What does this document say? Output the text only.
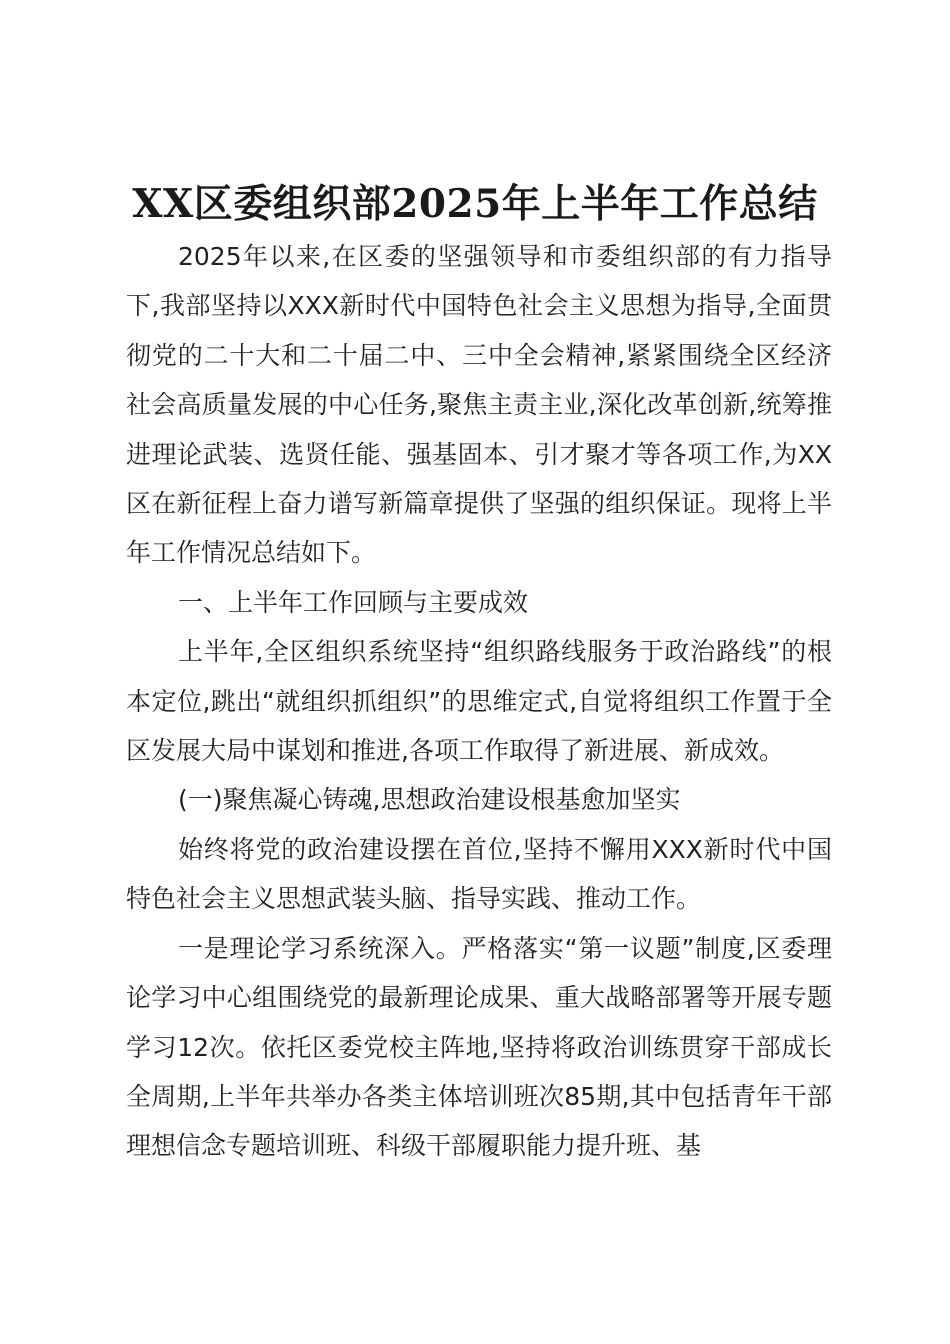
XX区委组织部2025年上半年工作总结

2025年以来,在区委的坚强领导和市委组织部的有力指导下,我部坚持以XXX新时代中国特色社会主义思想为指导,全面贯彻党的二十大和二十届二中、三中全会精神,紧紧围绕全区经济社会高质量发展的中心任务,聚焦主责主业,深化改革创新,统筹推进理论武装、选贤任能、强基固本、引才聚才等各项工作,为XX区在新征程上奋力谱写新篇章提供了坚强的组织保证。现将上半年工作情况总结如下。

一、上半年工作回顾与主要成效

上半年,全区组织系统坚持“组织路线服务于政治路线”的根本定位,跳出“就组织抓组织”的思维定式,自觉将组织工作置于全区发展大局中谋划和推进,各项工作取得了新进展、新成效。

(一)聚焦凝心铸魂,思想政治建设根基愈加坚实

始终将党的政治建设摆在首位,坚持不懈用XXX新时代中国特色社会主义思想武装头脑、指导实践、推动工作。

一是理论学习系统深入。严格落实“第一议题”制度,区委理论学习中心组围绕党的最新理论成果、重大战略部署等开展专题学习12次。依托区委党校主阵地,坚持将政治训练贯穿干部成长全周期,上半年共举办各类主体培训班次85期,其中包括青年干部理想信念专题培训班、科级干部履职能力提升班、基
